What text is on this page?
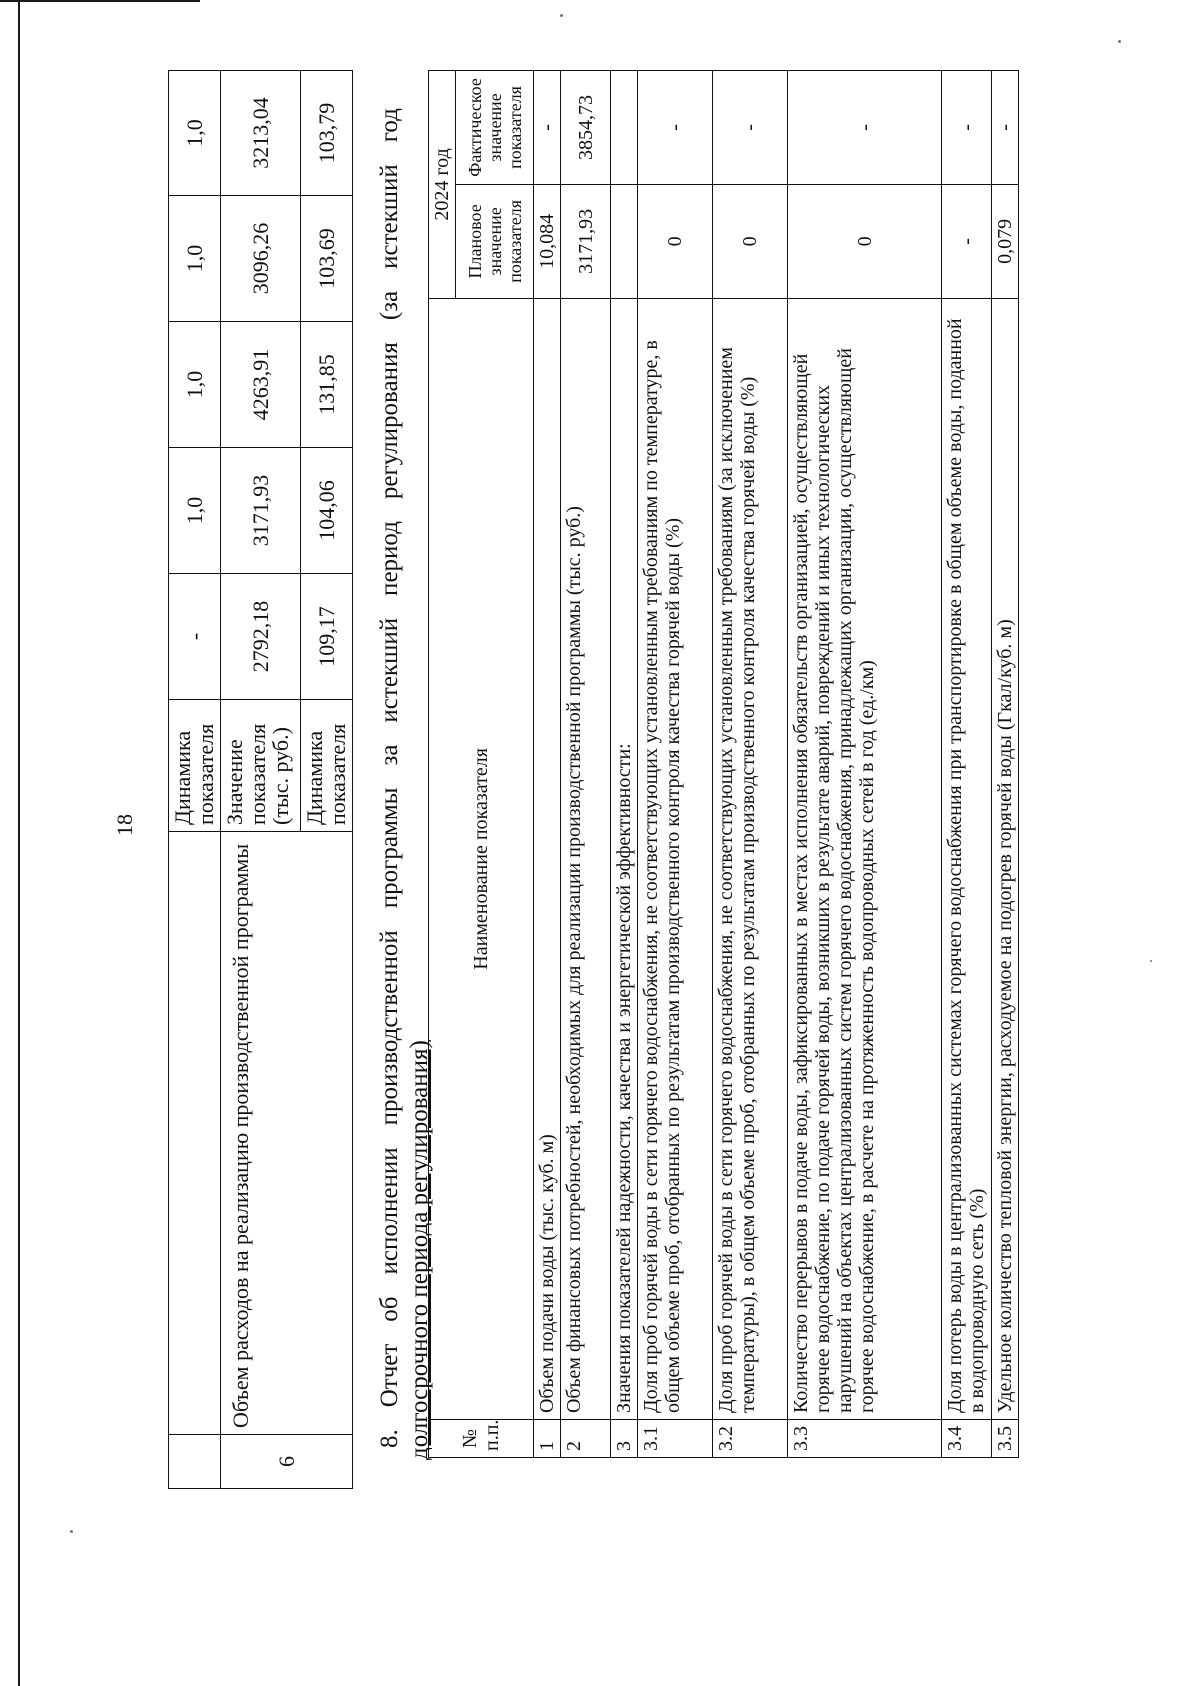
18
		Динамика показателя	-	1,0	1,0	1,0	1,0
6	Объем расходов на реализацию производственной программы	Значение показателя (тыс. руб.)	2792,18	3171,93	4263,91	3096,26	3213,04
		Динамика показателя	109,17	104,06	131,85	103,69	103,79
8.
Отчет
об
исполнении
производственной
программы
за
истекший
период
регулирования
(за
истекший
год
долгосрочного периода регулирования) № п.п.	Наименование показателя	2024 год	
		Плановое значение показателя	Фактическое значение показателя
1	Объем подачи воды (тыс. куб. м)	10,084	-
2	Объем финансовых потребностей, необходимых для реализации производственной программы (тыс. руб.)	3171,93	3854,73
3	Значения показателей надежности, качества и энергетической эффективности:		
3.1	Доля проб горячей воды в сети горячего водоснабжения, не соответствующих установленным требованиям по температуре, в общем объеме проб, отобранных по результатам производственного контроля качества горячей воды (%)	0	-
3.2	Доля проб горячей воды в сети горячего водоснабжения, не соответствующих установленным требованиям (за исключением температуры), в общем объеме проб, отобранных по результатам производственного контроля качества горячей воды (%)	0	-
3.3	Количество перерывов в подаче воды, зафиксированных в местах исполнения обязательств организацией, осуществляющей горячее водоснабжение, по подаче горячей воды, возникших в результате аварий, повреждений и иных технологических нарушений на объектах централизованных систем горячего водоснабжения, принадлежащих организации, осуществляющей горячее водоснабжение, в расчете на протяженность водопроводных сетей в год (ед./км)	0	-
3.4	Доля потерь воды в централизованных системах горячего водоснабжения при транспортировке в общем объеме воды, поданной в водопроводную сеть (%)	-	-
3.5	Удельное количество тепловой энергии, расходуемое на подогрев горячей воды (Гкал/куб. м)	0,079	-
